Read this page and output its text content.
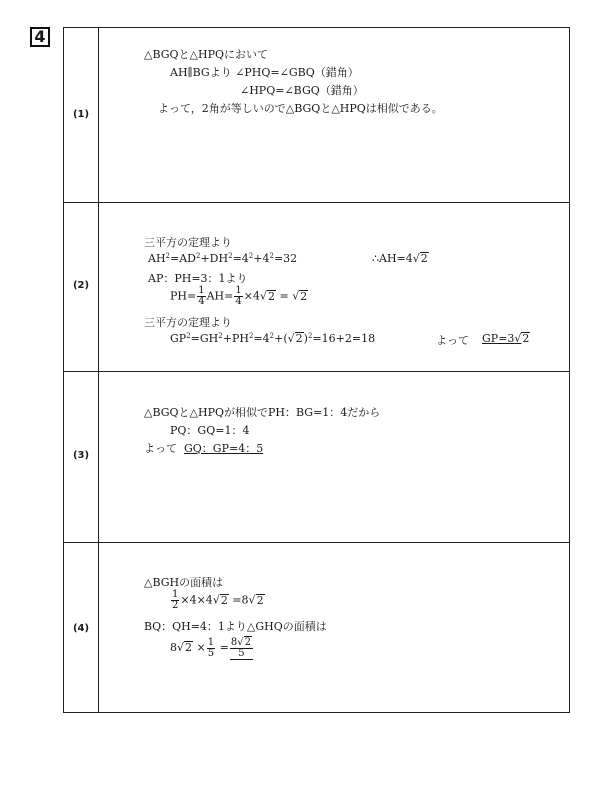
4
(1)
(2)
(3)
(4)
△BGQと△HPQにおいて
AH∥BGより ∠PHQ=∠GBQ（錯角）
∠HPQ=∠BGQ（錯角）
よって，2角が等しいので△BGQと△HPQは相似である。
三平方の定理より
$AH^2=AD^2+DH^2=4^2+4^2=32$	∴AH=4√2
AP：PH=3：1より
$PH= \frac{1}{4} AH= \frac{1}{4} \times 4√2 = √2$
三平方の定理より
$GP^2=GH^2+PH^2=4^2+(√2)^2=16+2=18$	よって GP=3√2
△BGQと△HPQが相似でPH：BG=1：4だから
PQ：GQ=1：4
よって GQ：GP=4：5
△BGHの面積は
$\frac{1}{2} \times 4\times 4√2 =8√2$
BQ：QH=4：1より△GHQの面積は
$8√2 \times \frac{1}{5} = \frac{8√2}{5}$
